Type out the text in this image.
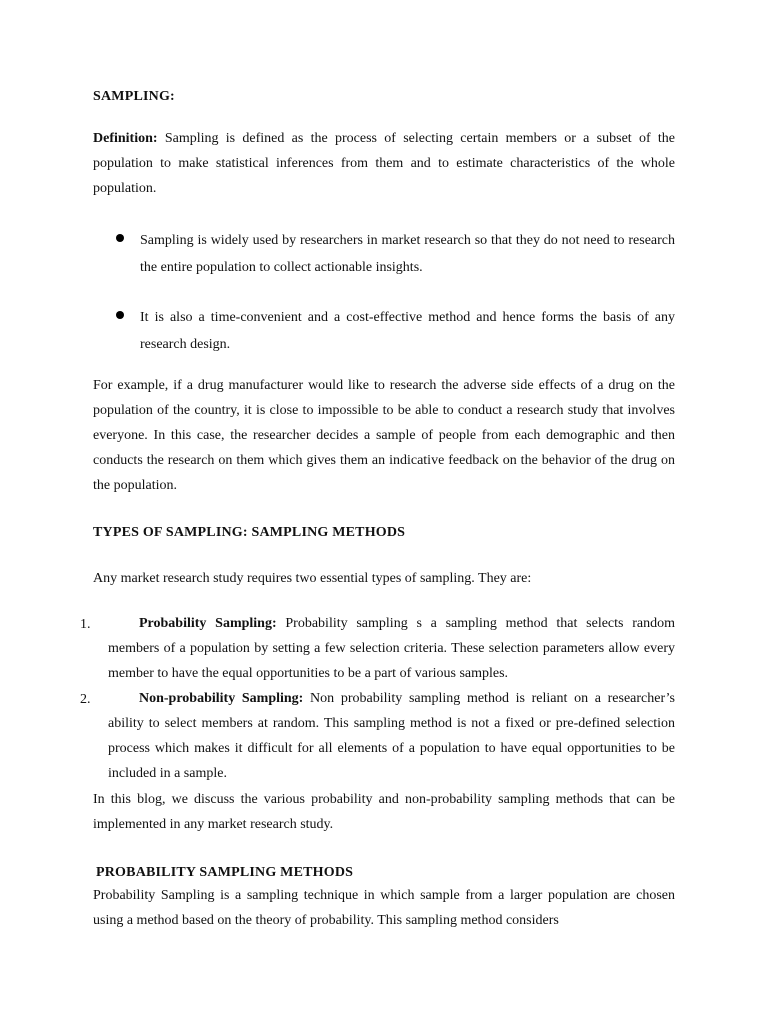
SAMPLING:

Definition: Sampling is defined as the process of selecting certain members or a subset of the population to make statistical inferences from them and to estimate characteristics of the whole population.

Sampling is widely used by researchers in market research so that they do not need to research the entire population to collect actionable insights.

It is also a time-convenient and a cost-effective method and hence forms the basis of any research design.

For example, if a drug manufacturer would like to research the adverse side effects of a drug on the population of the country, it is close to impossible to be able to conduct a research study that involves everyone. In this case, the researcher decides a sample of people from each demographic and then conducts the research on them which gives them an indicative feedback on the behavior of the drug on the population.

TYPES OF SAMPLING: SAMPLING METHODS

Any market research study requires two essential types of sampling. They are:

1.	Probability Sampling: Probability sampling s a sampling method that selects random members of a population by setting a few selection criteria. These selection parameters allow every member to have the equal opportunities to be a part of various samples.

2.	Non-probability Sampling: Non probability sampling method is reliant on a researcher’s ability to select members at random. This sampling method is not a fixed or pre-defined selection process which makes it difficult for all elements of a population to have equal opportunities to be included in a sample.

In this blog, we discuss the various probability and non-probability sampling methods that can be implemented in any market research study.

PROBABILITY SAMPLING METHODS

Probability Sampling is a sampling technique in which sample from a larger population are chosen using a method based on the theory of probability. This sampling method considers
